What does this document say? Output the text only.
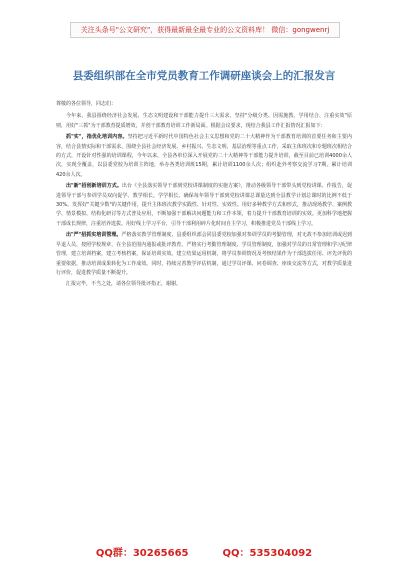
关注头条号"公文研究"，获得最新最全最专业的公文资料库！ 微信：gongwenrj
县委组织部在全市党员教育工作调研座谈会上的汇报发言

尊敬的各位领导，同志们：

今年来，我县围绕经济社会发展、生态文明建设和干部能力提升三大需求，坚持"分级分类、因需施教、学用结合、注重实效"原则，用好"三抓"为干部教育提质增效，并创干部教育培训工作新局面。根据会议要求，现结合我县工作汇报情况汇报如下：

抓"实"，指优化培训内容。坚持把习近平新时代中国特色社会主义思想和党的二十大精神作为干部教育培训的首要任务和主要内容，结合县情实际和干部需求，围绕全县社会经济发展、乡村振兴、生态文明、基层治理等重点工作，采取主体班次和专题班次相结合的方式，开设针对性强的培训课程，今年以来，全县各单位深入开展党的二十大精神等干部能力提升培训，截至目前已培训4000余人次，实现全覆盖，以县委党校为培训主阵地，举办各类培训班15期，累计培训1100余人次；组织赴外考察交流学习7期，累计培训420余人次。

出"新"招创新培训方式。出台《全县落实领导干部到党校讲课制度的实施方案》，推动各级领导干部带头到党校讲课、作报告，促进领导干部与参训学员双向促学、教学相长。学学相长、确保每年领导干部到党校讲课总课量达到全县教学计划总课时的比例不低于30%。发挥好"关键少数"的关键作用，提升主体班次教学实践性、针对性、实效性。用好多种教学方式和形式，推动现场教学、案例教学、情景模拟、结构化研讨等方式普及应用，不断加强干部解决问题能力和工作本领，着力提升干部教育培训的实效。更加科学地把握干部成长规律，注重培养选拔。用好线上学习平台，引导干部利用碎片化时间自主学习，积极推进党员干部线上学习。

出"严"招抓实培训管理。严格落实教学管理制度，县委组织部会同县委党校加强对参训学员的考勤管理，对无故不参加培训或迟到早退人员，按照学校规章，在全县范围内通报或批评教育。严格实行考勤管理制度、学员管理制度，加强对学员的日常管理和学习纪律管理，建立培训档案，建立考核档案，保证培训实效。建立结果运用机制，将学员参训情况及考核结果作为干部选拔任用、评先评优的重要依据，推动培训成果转化为工作成效。同时，持续完善教学评估机制，通过学员评课、问卷调查、座谈交流等方式，对教学质量进行评价，促进教学质量不断提升。

汇报完毕，不当之处，请各位领导批评指正，谢谢。

QQ群：30265665	QQ：535304092
